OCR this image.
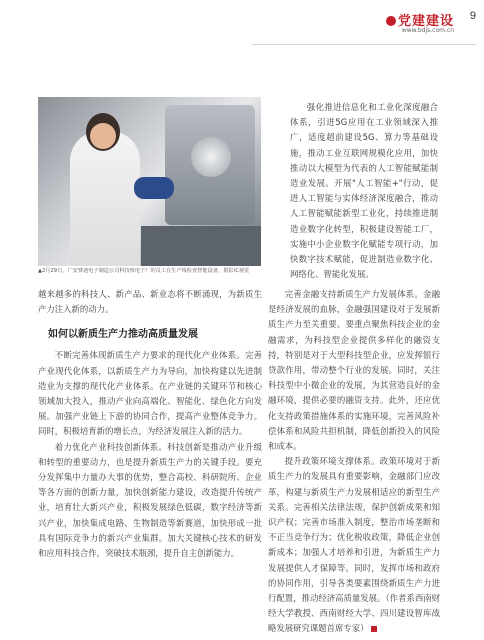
党建建设
www.bdjs.com.cn
9
▲2月29日，广安赛迪电子制造公司科技核电子厂的员工在生产线检查智能设备。摄影/C视觉

强化推进信息化和工业化深度融合体系，引进5G应用在工业领域深入推广，适度超前建设5G、算力等基础设施，推动工业互联网规模化应用，加快推动以大模型为代表的人工智能赋能制造业发展。开展"人工智能+"行动，促进人工智能与实体经济深度融合，推动人工智能赋能新型工业化，持续推进制造业数字化转型，积极建设智能工厂，实施中小企业数字化赋能专项行动，加快数字技术赋能，促进制造业数字化、网络化、智能化发展。

越来越多的科技人、新产品、新业态将不断涌现，为新质生产力注入新的动力。

如何以新质生产力推动高质量发展

不断完善体现新质生产力要求的现代化产业体系。完善产业现代化体系，以新质生产力为导向，加快构建以先进制造业为支撑的现代化产业体系。在产业链的关键环节和核心领域加大投入，推动产业向高端化、智能化、绿色化方向发展。加强产业链上下游的协同合作，提高产业整体竞争力。同时，积极培育新的增长点，为经济发展注入新的活力。

着力优化产业科技创新体系。科技创新是推动产业升级和转型的重要动力，也是提升新质生产力的关键手段。要充分发挥集中力量办大事的优势，整合高校、科研院所、企业等各方面的创新力量，加快创新能力建设，改造提升传统产业，培育壮大新兴产业，积极发展绿色低碳，数字经济等新兴产业，加快集成电路、生物制造等新赛道，加快形成一批具有国际竞争力的新兴产业集群。加大关键核心技术的研发和应用科技合作，突破技术瓶颈，提升自主创新能力。

完善金融支持新质生产力发展体系。金融是经济发展的血脉，金融强国建设对于发展新质生产力至关重要。要重点聚焦科技企业的金融需求，为科技型企业提供多样化的融资支持，特别是对于大型科技型企业，应发挥银行贷款作用，带动整个行业的发展。同时，关注科技型中小微企业的发展，为其营造良好的金融环境，提供必要的融资支持。此外，还应优化支持政策措施体系的实施环境，完善风险补偿体系和风险共担机制，降低创新投入的风险和成本。

提升政策环境支撑体系。政策环境对于新质生产力的发展具有重要影响，金融部门应改革，构建与新质生产力发展相适应的新型生产关系。完善相关法律法规，保护创新成果和知识产权；完善市场准入制度，整治市场垄断和不正当竞争行为；优化税收政策，降低企业创新成本；加强人才培养和引进，为新质生产力发展提供人才保障等。同时，发挥市场和政府的协同作用，引导各类要素围绕新质生产力进行配置，推动经济高质量发展。（作者系西南财经大学教授、西南财经大学、四川建设智库战略发展研究课题首席专家）
